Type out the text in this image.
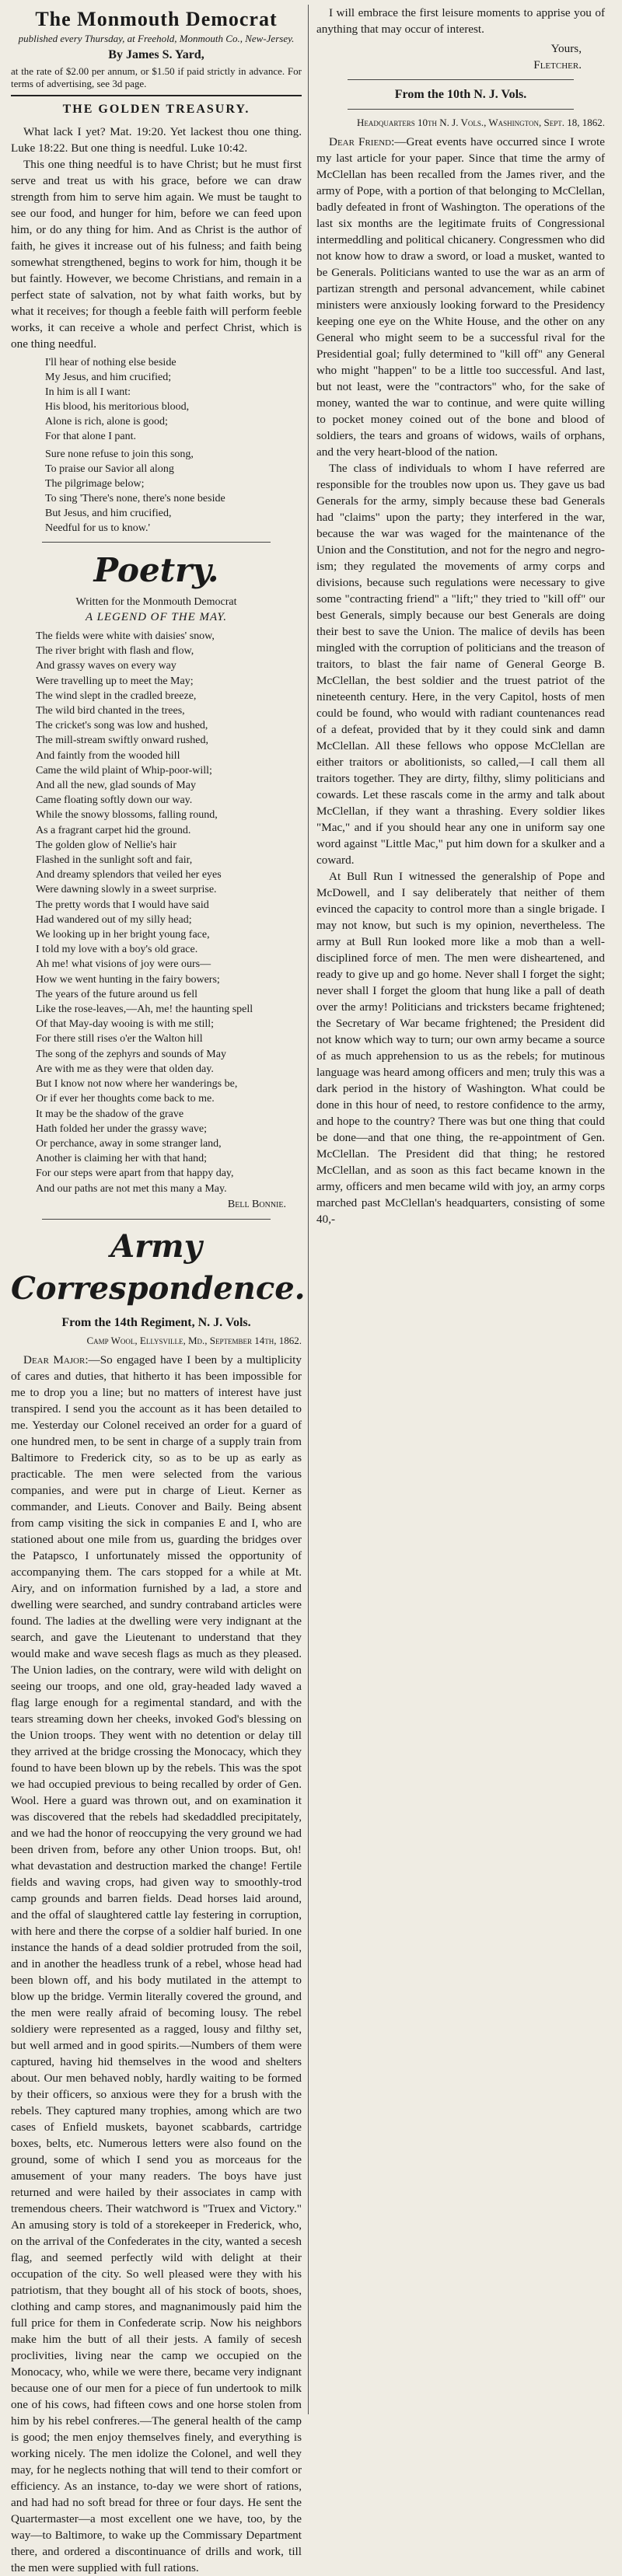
The Monmouth Democrat
published every Thursday, at Freehold, Monmouth Co., New-Jersey.
By James S. Yard,
at the rate of $2.00 per annum, or $1.50 if paid strictly in advance. For terms of advertising, see 3d page.
THE GOLDEN TREASURY.

What lack I yet? Mat. 19:20. Yet lackest thou one thing. Luke 18:22. But one thing is needful. Luke 10:42.

This one thing needful is to have Christ; but he must first serve and treat us with his grace, before we can draw strength from him to serve him again. We must be taught to see our food, and hunger for him, before we can feed upon him, or do any thing for him. And as Christ is the author of faith, he gives it increase out of his fulness; and faith being somewhat strengthened, begins to work for him, though it be but faintly. However, we become Christians, and remain in a perfect state of salvation, not by what faith works, but by what it receives; for though a feeble faith will perform feeble works, it can receive a whole and perfect Christ, which is one thing needful.

I'll hear of nothing else beside
My Jesus, and him crucified;
In him is all I want:
His blood, his meritorious blood,
Alone is rich, alone is good;
For that alone I pant.
Sure none refuse to join this song,
To praise our Savior all along
The pilgrimage below;
To sing 'There's none, there's none beside
But Jesus, and him crucified,
Needful for us to know.'
Poetry.
Written for the Monmouth Democrat
A LEGEND OF THE MAY.
The fields were white with daisies' snow,
The river bright with flash and flow,
And grassy waves on every way
Were travelling up to meet the May;
The wind slept in the cradled breeze,
The wild bird chanted in the trees,
The cricket's song was low and hushed,
The mill-stream swiftly onward rushed,
And faintly from the wooded hill
Came the wild plaint of Whip-poor-will;
And all the new, glad sounds of May
Came floating softly down our way.
While the snowy blossoms, falling round,
As a fragrant carpet hid the ground.
The golden glow of Nellie's hair
Flashed in the sunlight soft and fair,
And dreamy splendors that veiled her eyes
Were dawning slowly in a sweet surprise.
The pretty words that I would have said
Had wandered out of my silly head;
We looking up in her bright young face,
I told my love with a boy's old grace.
Ah me! what visions of joy were ours—
How we went hunting in the fairy bowers;
The years of the future around us fell
Like the rose-leaves,—Ah, me! the haunting spell
Of that May-day wooing is with me still;
For there still rises o'er the Walton hill
The song of the zephyrs and sounds of May
Are with me as they were that olden day.
But I know not now where her wanderings be,
Or if ever her thoughts come back to me.
It may be the shadow of the grave
Hath folded her under the grassy wave;
Or perchance, away in some stranger land,
Another is claiming her with that hand;
For our steps were apart from that happy day,
And our paths are not met this many a May.
Bell Bonnie.
Army Correspondence.
From the 14th Regiment, N. J. Vols.
Camp Wool, Ellysville, Md., September 14th, 1862.

Dear Major:—So engaged have I been by a multiplicity of cares and duties, that hitherto it has been impossible for me to drop you a line; but no matters of interest have just transpired. I send you the account as it has been detailed to me. Yesterday our Colonel received an order for a guard of one hundred men, to be sent in charge of a supply train from Baltimore to Frederick city, so as to be up as early as practicable. The men were selected from the various companies, and were put in charge of Lieut. Kerner as commander, and Lieuts. Conover and Baily. Being absent from camp visiting the sick in companies E and I, who are stationed about one mile from us, guarding the bridges over the Patapsco, I unfortunately missed the opportunity of accompanying them. The cars stopped for a while at Mt. Airy, and on information furnished by a lad, a store and dwelling were searched, and sundry contraband articles were found. The ladies at the dwelling were very indignant at the search, and gave the Lieutenant to understand that they would make and wave secesh flags as much as they pleased. The Union ladies, on the contrary, were wild with delight on seeing our troops, and one old, gray-headed lady waved a flag large enough for a regimental standard, and with the tears streaming down her cheeks, invoked God's blessing on the Union troops. They went with no detention or delay till they arrived at the bridge crossing the Monocacy, which they found to have been blown up by the rebels. This was the spot we had occupied previous to being recalled by order of Gen. Wool. Here a guard was thrown out, and on examination it was discovered that the rebels had skedaddled precipitately, and we had the honor of reoccupying the very ground we had been driven from, before any other Union troops. But, oh! what devastation and destruction marked the change! Fertile fields and waving crops, had given way to smoothly-trod camp grounds and barren fields. Dead horses laid around, and the offal of slaughtered cattle lay festering in corruption, with here and there the corpse of a soldier half buried. In one instance the hands of a dead soldier protruded from the soil, and in another the headless trunk of a rebel, whose head had been blown off, and his body mutilated in the attempt to blow up the bridge. Vermin literally covered the ground, and the men were really afraid of becoming lousy. The rebel soldiery were represented as a ragged, lousy and filthy set, but well armed and in good spirits.—Numbers of them were captured, having hid themselves in the wood and shelters about. Our men behaved nobly, hardly waiting to be formed by their officers, so anxious were they for a brush with the rebels. They captured many trophies, among which are two cases of Enfield muskets, bayonet scabbards, cartridge boxes, belts, etc. Numerous letters were also found on the ground, some of which I send you as morceaus for the amusement of your many readers. The boys have just returned and were hailed by their associates in camp with tremendous cheers. Their watchword is "Truex and Victory." An amusing story is told of a storekeeper in Frederick, who, on the arrival of the Confederates in the city, wanted a secesh flag, and seemed perfectly wild with delight at their occupation of the city. So well pleased were they with his patriotism, that they bought all of his stock of boots, shoes, clothing and camp stores, and magnanimously paid him the full price for them in Confederate scrip. Now his neighbors make him the butt of all their jests. A family of secesh proclivities, living near the camp we occupied on the Monocacy, who, while we were there, became very indignant because one of our men for a piece of fun undertook to milk one of his cows, had fifteen cows and one horse stolen from him by his rebel confreres.—The general health of the camp is good; the men enjoy themselves finely, and everything is working nicely. The men idolize the Colonel, and well they may, for he neglects nothing that will tend to their comfort or efficiency. As an instance, to-day we were short of rations, and had had no soft bread for three or four days. He sent the Quartermaster—a most excellent one we have, too, by the way—to Baltimore, to wake up the Commissary Department there, and ordered a discontinuance of drills and work, till the men were supplied with full rations.

I will embrace the first leisure moments to apprise you of anything that may occur of interest.

Yours,
Fletcher.
From the 10th N. J. Vols.
Headquarters 10th N. J. Vols., Washington, Sept. 18, 1862.

Dear Friend:—Great events have occurred since I wrote my last article for your paper. Since that time the army of McClellan has been recalled from the James river, and the army of Pope, with a portion of that belonging to McClellan, badly defeated in front of Washington. The operations of the last six months are the legitimate fruits of Congressional intermeddling and political chicanery. Congressmen who did not know how to draw a sword, or load a musket, wanted to be Generals. Politicians wanted to use the war as an arm of partizan strength and personal advancement, while cabinet ministers were anxiously looking forward to the Presidency keeping one eye on the White House, and the other on any General who might seem to be a successful rival for the Presidential goal; fully determined to "kill off" any General who might "happen" to be a little too successful. And last, but not least, were the "contractors" who, for the sake of money, wanted the war to continue, and were quite willing to pocket money coined out of the bone and blood of soldiers, the tears and groans of widows, wails of orphans, and the very heart-blood of the nation.

The class of individuals to whom I have referred are responsible for the troubles now upon us. They gave us bad Generals for the army, simply because these bad Generals had "claims" upon the party; they interfered in the war, because the war was waged for the maintenance of the Union and the Constitution, and not for the negro and negro-ism; they regulated the movements of army corps and divisions, because such regulations were necessary to give some "contracting friend" a "lift;" they tried to "kill off" our best Generals, simply because our best Generals are doing their best to save the Union. The malice of devils has been mingled with the corruption of politicians and the treason of traitors, to blast the fair name of General George B. McClellan, the best soldier and the truest patriot of the nineteenth century. Here, in the very Capitol, hosts of men could be found, who would with radiant countenances read of a defeat, provided that by it they could sink and damn McClellan. All these fellows who oppose McClellan are either traitors or abolitionists, so called,—I call them all traitors together. They are dirty, filthy, slimy politicians and cowards. Let these rascals come in the army and talk about McClellan, if they want a thrashing. Every soldier likes "Mac," and if you should hear any one in uniform say one word against "Little Mac," put him down for a skulker and a coward.

At Bull Run I witnessed the generalship of Pope and McDowell, and I say deliberately that neither of them evinced the capacity to control more than a single brigade. I may not know, but such is my opinion, nevertheless. The army at Bull Run looked more like a mob than a well-disciplined force of men. The men were disheartened, and ready to give up and go home. Never shall I forget the sight; never shall I forget the gloom that hung like a pall of death over the army! Politicians and tricksters became frightened; the Secretary of War became frightened; the President did not know which way to turn; our own army became a source of as much apprehension to us as the rebels; for mutinous language was heard among officers and men; truly this was a dark period in the history of Washington. What could be done in this hour of need, to restore confidence to the army, and hope to the country? There was but one thing that could be done—and that one thing, the re-appointment of Gen. McClellan. The President did that thing; he restored McClellan, and as soon as this fact became known in the army, officers and men became wild with joy, an army corps marched past McClellan's headquarters, consisting of some 40,-
